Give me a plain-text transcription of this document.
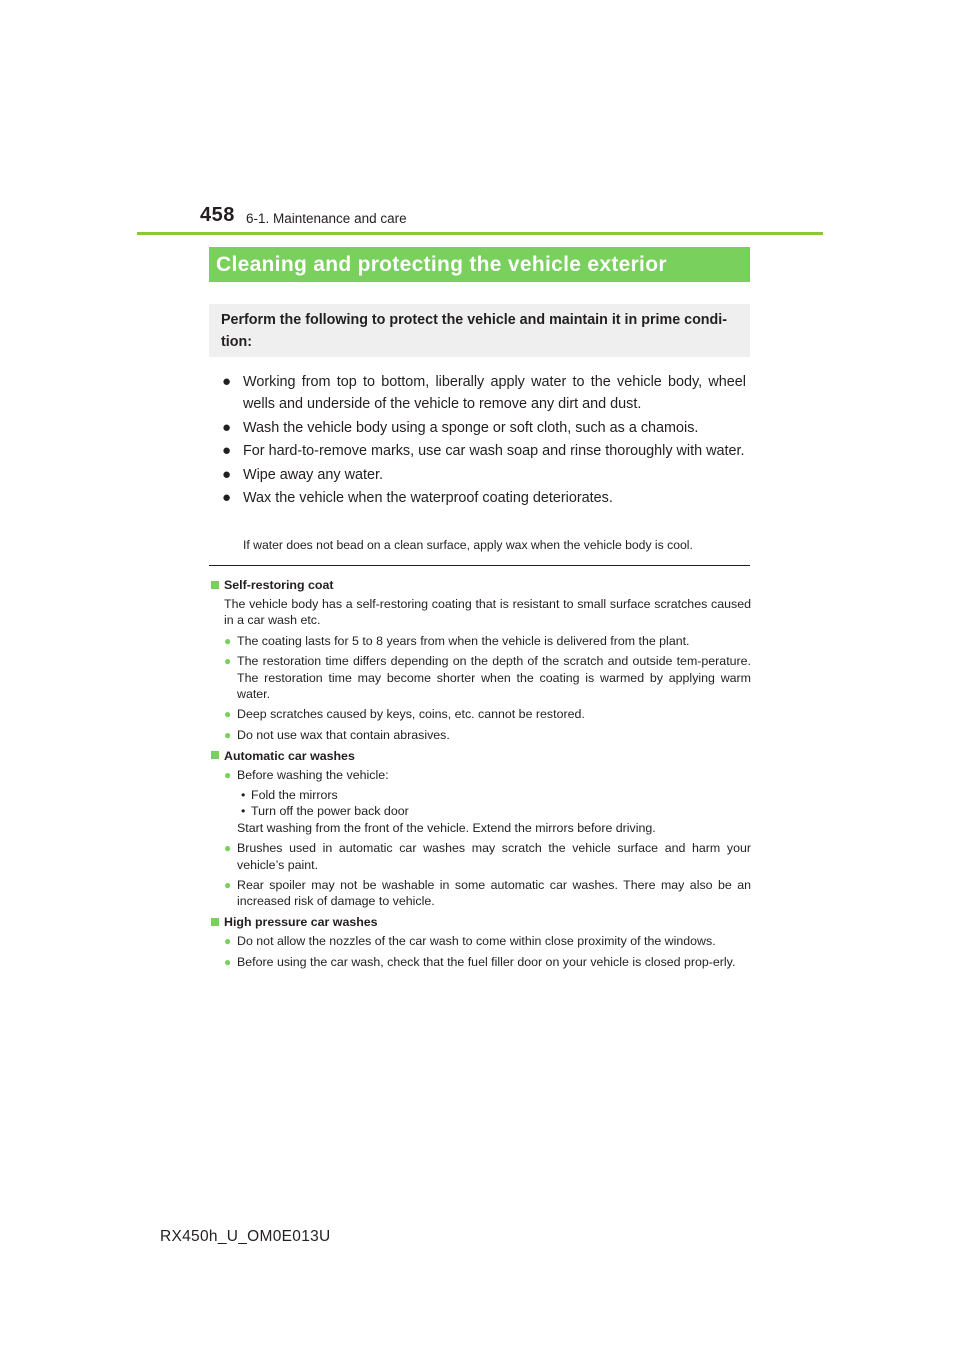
458 6-1. Maintenance and care
Cleaning and protecting the vehicle exterior
Perform the following to protect the vehicle and maintain it in prime condi-tion:
● Working from top to bottom, liberally apply water to the vehicle body, wheel wells and underside of the vehicle to remove any dirt and dust.
● Wash the vehicle body using a sponge or soft cloth, such as a chamois.
● For hard-to-remove marks, use car wash soap and rinse thoroughly with water.
● Wipe away any water.
● Wax the vehicle when the waterproof coating deteriorates.
If water does not bead on a clean surface, apply wax when the vehicle body is cool.
Self-restoring coat
The vehicle body has a self-restoring coating that is resistant to small surface scratches caused in a car wash etc.
● The coating lasts for 5 to 8 years from when the vehicle is delivered from the plant.
● The restoration time differs depending on the depth of the scratch and outside tem-perature. The restoration time may become shorter when the coating is warmed by applying warm water.
● Deep scratches caused by keys, coins, etc. cannot be restored.
● Do not use wax that contain abrasives.
Automatic car washes
● Before washing the vehicle:
• Fold the mirrors
• Turn off the power back door
Start washing from the front of the vehicle. Extend the mirrors before driving.
● Brushes used in automatic car washes may scratch the vehicle surface and harm your vehicle’s paint.
● Rear spoiler may not be washable in some automatic car washes. There may also be an increased risk of damage to vehicle.
High pressure car washes
● Do not allow the nozzles of the car wash to come within close proximity of the windows.
● Before using the car wash, check that the fuel filler door on your vehicle is closed prop-erly.
RX450h_U_OM0E013U
